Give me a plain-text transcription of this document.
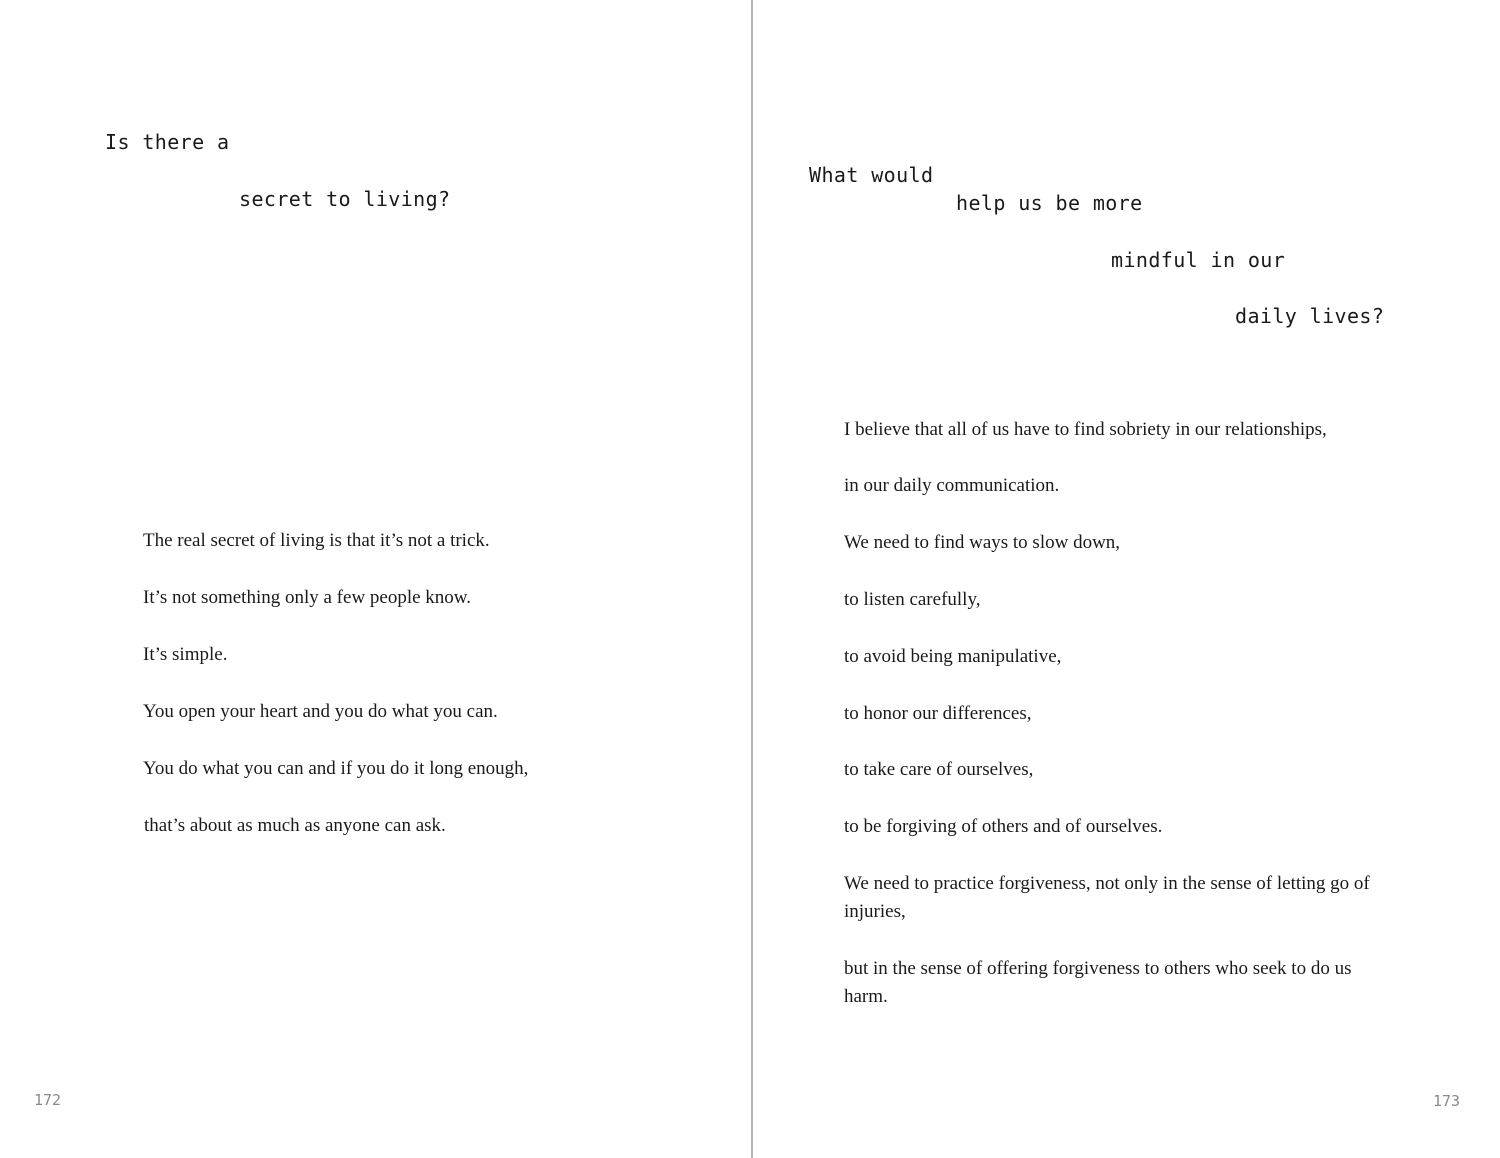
Is there a
secret to living?
The real secret of living is that it’s not a trick.
It’s not something only a few people know.
It’s simple.
You open your heart and you do what you can.
You do what you can and if you do it long enough,
that’s about as much as anyone can ask.
172
What would
help us be more
mindful in our
daily lives?
I believe that all of us have to find sobriety in our relationships,
in our daily communication.
We need to find ways to slow down,
to listen carefully,
to avoid being manipulative,
to honor our differences,
to take care of ourselves,
to be forgiving of others and of ourselves.
We need to practice forgiveness, not only in the sense of letting go of injuries,
but in the sense of offering forgiveness to others who seek to do us harm.
173
